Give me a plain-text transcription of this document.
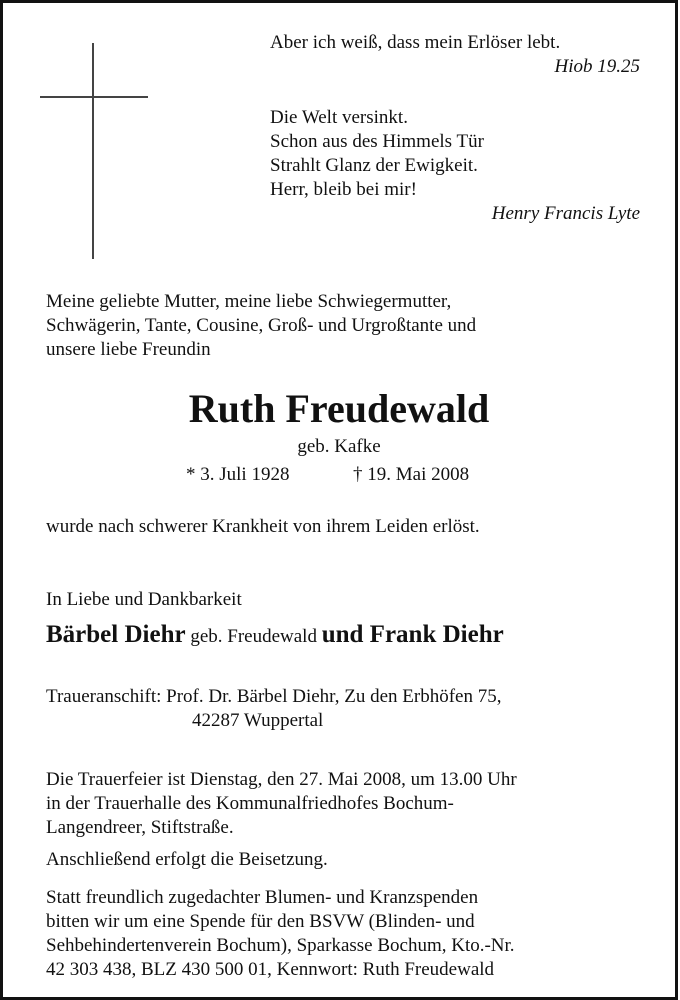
Aber ich weiß, dass mein Erlöser lebt.
Hiob 19.25
Die Welt versinkt.
Schon aus des Himmels Tür
Strahlt Glanz der Ewigkeit.
Herr, bleib bei mir!
Henry Francis Lyte
Meine geliebte Mutter, meine liebe Schwiegermutter,
Schwägerin, Tante, Cousine, Groß- und Urgroßtante und
unsere liebe Freundin
Ruth Freudewald
geb. Kafke
* 3. Juli 1928	† 19. Mai 2008
wurde nach schwerer Krankheit von ihrem Leiden erlöst.
In Liebe und Dankbarkeit
Bärbel Diehr geb. Freudewald und Frank Diehr
Traueranschift: Prof. Dr. Bärbel Diehr, Zu den Erbhöfen 75,
42287 Wuppertal
Die Trauerfeier ist Dienstag, den 27. Mai 2008, um 13.00 Uhr
in der Trauerhalle des Kommunalfriedhofes Bochum-
Langendreer, Stiftstraße.
Anschließend erfolgt die Beisetzung.
Statt freundlich zugedachter Blumen- und Kranzspenden
bitten wir um eine Spende für den BSVW (Blinden- und
Sehbehindertenverein Bochum), Sparkasse Bochum, Kto.-Nr.
42 303 438, BLZ 430 500 01, Kennwort: Ruth Freudewald
